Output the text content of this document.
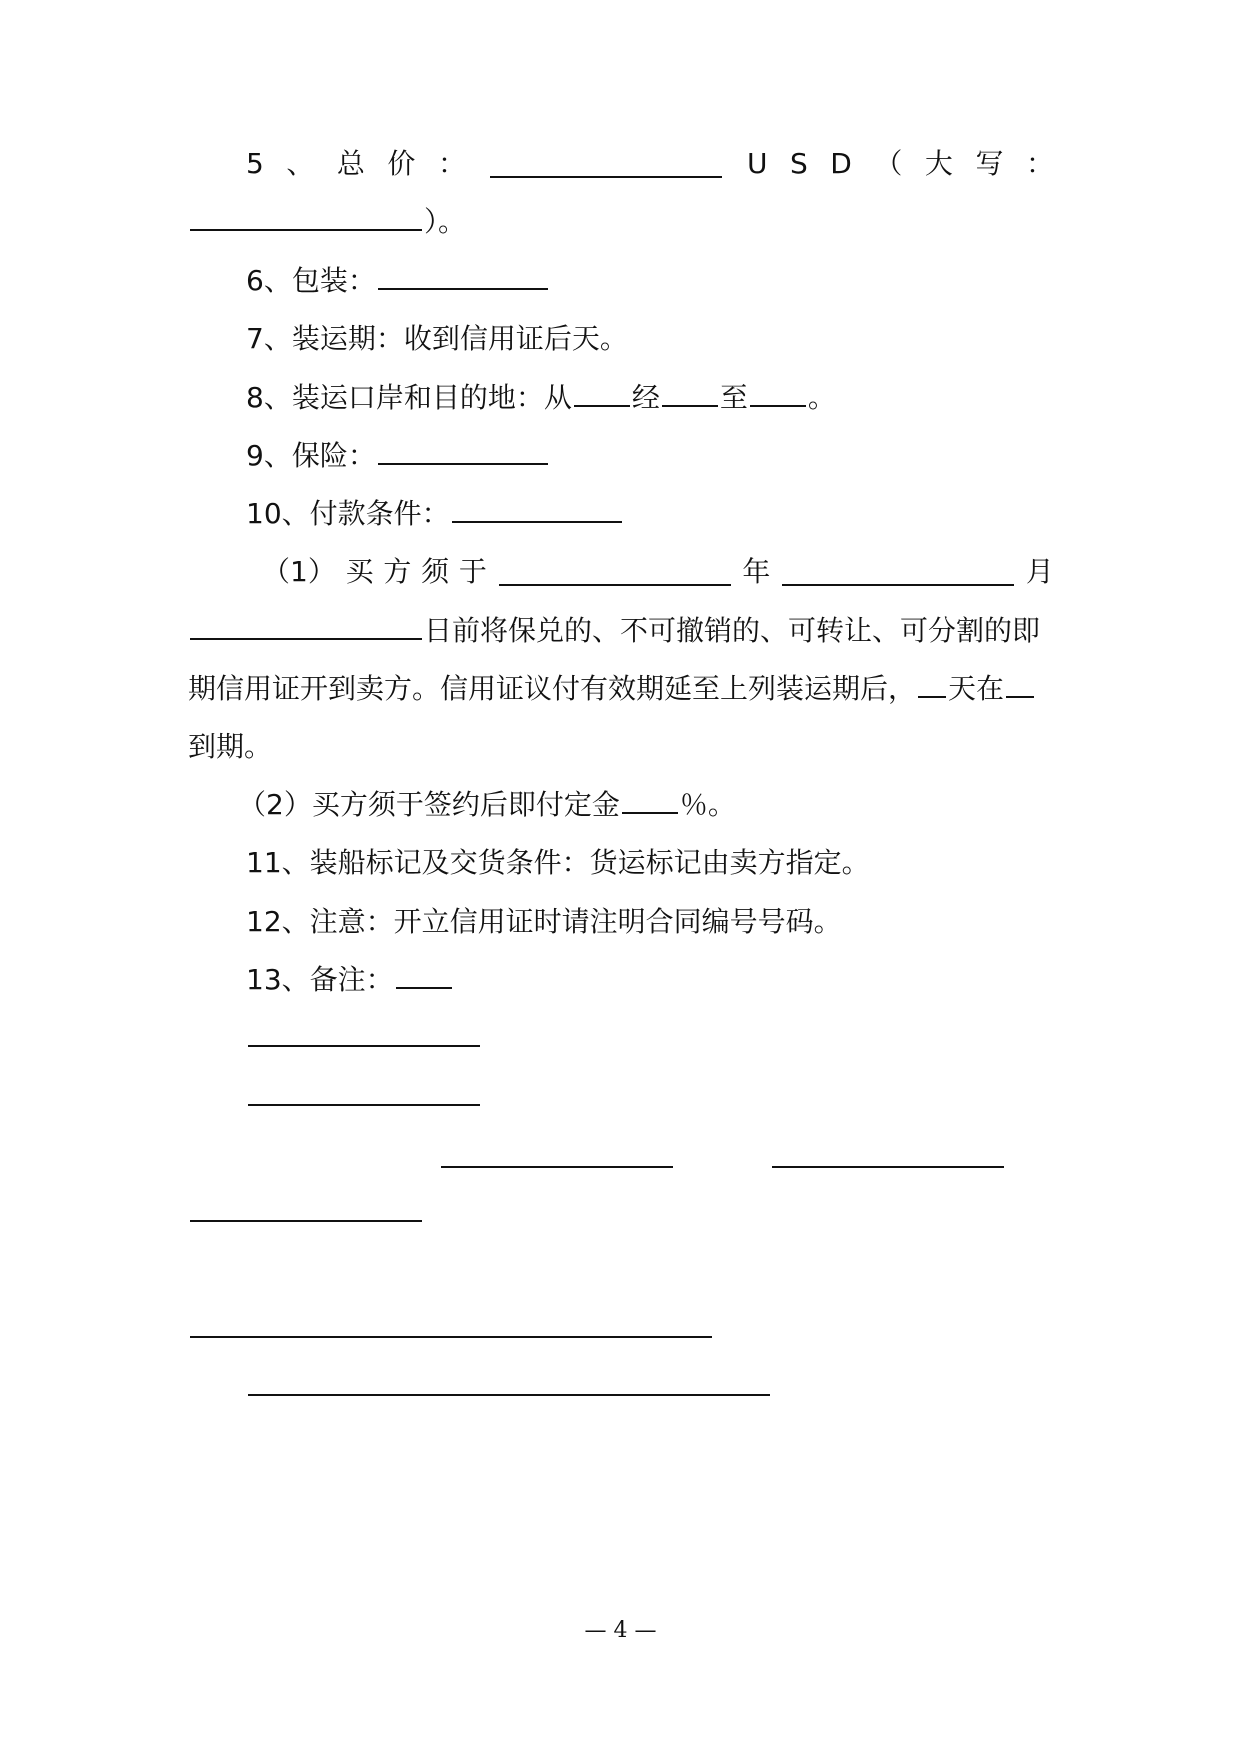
5 、 总 价 ：	U S D （ 大 写 ：
）。
6、包装：
7、装运期：收到信用证后天。
8、装运口岸和目的地：从 经 至 。
9、保险：
10、付款条件：
（1） 买 方 须 于	年	月
日前将保兑的、不可撤销的、可转让、可分割的即
期信用证开到卖方。信用证议付有效期延至上列装运期后， 天在
到期。
（2）买方须于签约后即付定金 ％。
11、装船标记及交货条件：货运标记由卖方指定。
12、注意：开立信用证时请注明合同编号号码。
13、备注：
— 4 —
